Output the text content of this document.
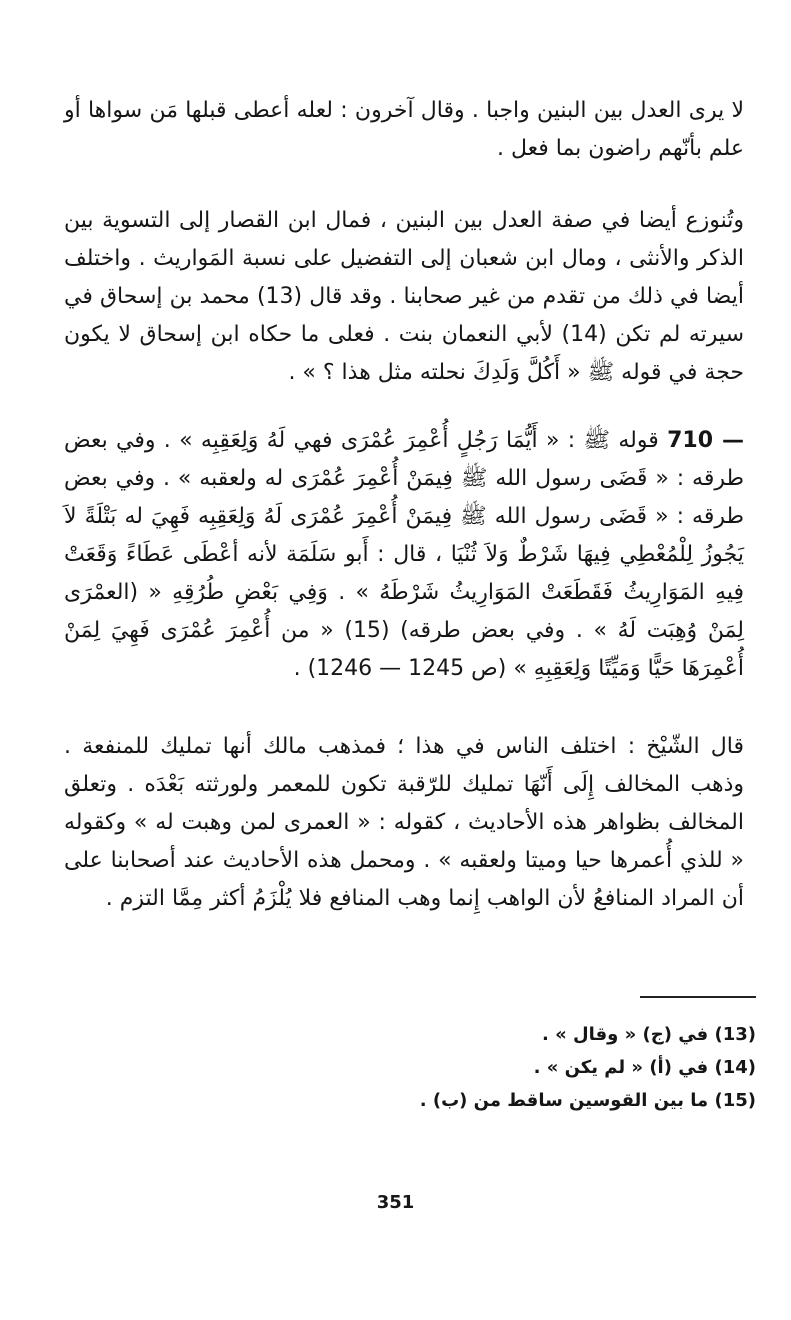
لا يرى العدل بين البنين واجبا . وقال آخرون : لعله أعطى قبلها مَن سواها أو علم بأنّهم راضون بما فعل .

وتُنوزع أيضا في صفة العدل بين البنين ، فمال ابن القصار إلى التسوية بين الذكر والأنثى ، ومال ابن شعبان إلى التفضيل على نسبة المَواريث . واختلف أيضا في ذلك من تقدم من غير صحابنا . وقد قال (13) محمد بن إسحاق في سيرته لم تكن (14) لأبي النعمان بنت . فعلى ما حكاه ابن إسحاق لا يكون حجة في قوله ﷺ « أَكُلَّ وَلَدِكَ نحلته مثل هذا ؟ » .

710 — قوله ﷺ : « أَيُّمَا رَجُلٍ أُعْمِرَ عُمْرَى فهي لَهُ وَلِعَقِبِه » . وفي بعض طرقه : « قَضَى رسول الله ﷺ فِيمَنْ أُعْمِرَ عُمْرَى له ولعقبه » . وفي بعض طرقه : « قَضَى رسول الله ﷺ فِيمَنْ أُعْمِرَ عُمْرَى لَهُ وَلِعَقِبِه فَهِيَ له بَتْلَةً لاَ يَجُوزُ لِلْمُعْطِي فِيهَا شَرْطٌ وَلاَ ثُنْيَا ، قال : أَبو سَلَمَة لأنه أعْطَى عَطَاءً وَقَعَتْ فِيهِ المَوَارِيثُ فَقَطَعَتْ المَوَارِيثُ شَرْطَهُ » . وَفِي بَعْضِ طُرُقِهِ « (العمْرَى لِمَنْ وُهِبَت لَهُ » . وفي بعض طرقه) (15) « من أُعْمِرَ عُمْرَى فَهِيَ لِمَنْ أُعْمِرَهَا حَيًّا وَمَيِّتًا وَلِعَقِبِهِ » (ص 1245 — 1246) .

قال الشّيْخ : اختلف الناس في هذا ؛ فمذهب مالك أنها تمليك للمنفعة . وذهب المخالف إِلَى أَنّهَا تمليك للرّقبة تكون للمعمر ولورثته بَعْدَه . وتعلق المخالف بظواهر هذه الأحاديث ، كقوله : « العمرى لمن وهبت له » وكقوله « للذي أُعمرها حيا وميتا ولعقبه » . ومحمل هذه الأحاديث عند أصحابنا على أن المراد المنافعُ لأن الواهب إِنما وهب المنافع فلا يُلْزَمُ أكثر مِمَّا التزم .

(13) في (ج) « وقال » .

(14) في (أ) « لم يكن » .

(15) ما بين القوسين ساقط من (ب) .

351
